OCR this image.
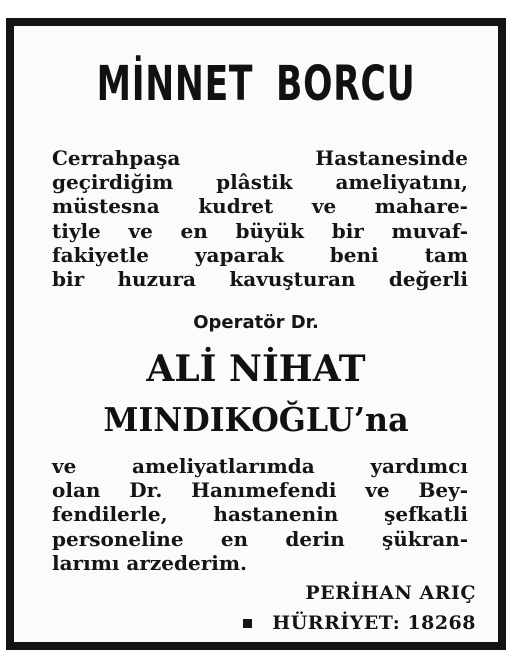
MİNNET BORCU
Cerrahpaşa Hastanesinde
geçirdiğim plâstik ameliyatını,
müstesna kudret ve mahare-
tiyle ve en büyük bir muvaf-
fakiyetle yaparak beni tam
bir huzura kavuşturan değerli
Operatör Dr.
ALİ NİHAT
MINDIKOĞLU’na
ve ameliyatlarımda yardımcı
olan Dr. Hanımefendi ve Bey-
fendilerle, hastanenin şefkatli
personeline en derin şükran-
larımı arzederim.
PERİHAN ARIÇ
HÜRRİYET: 18268
